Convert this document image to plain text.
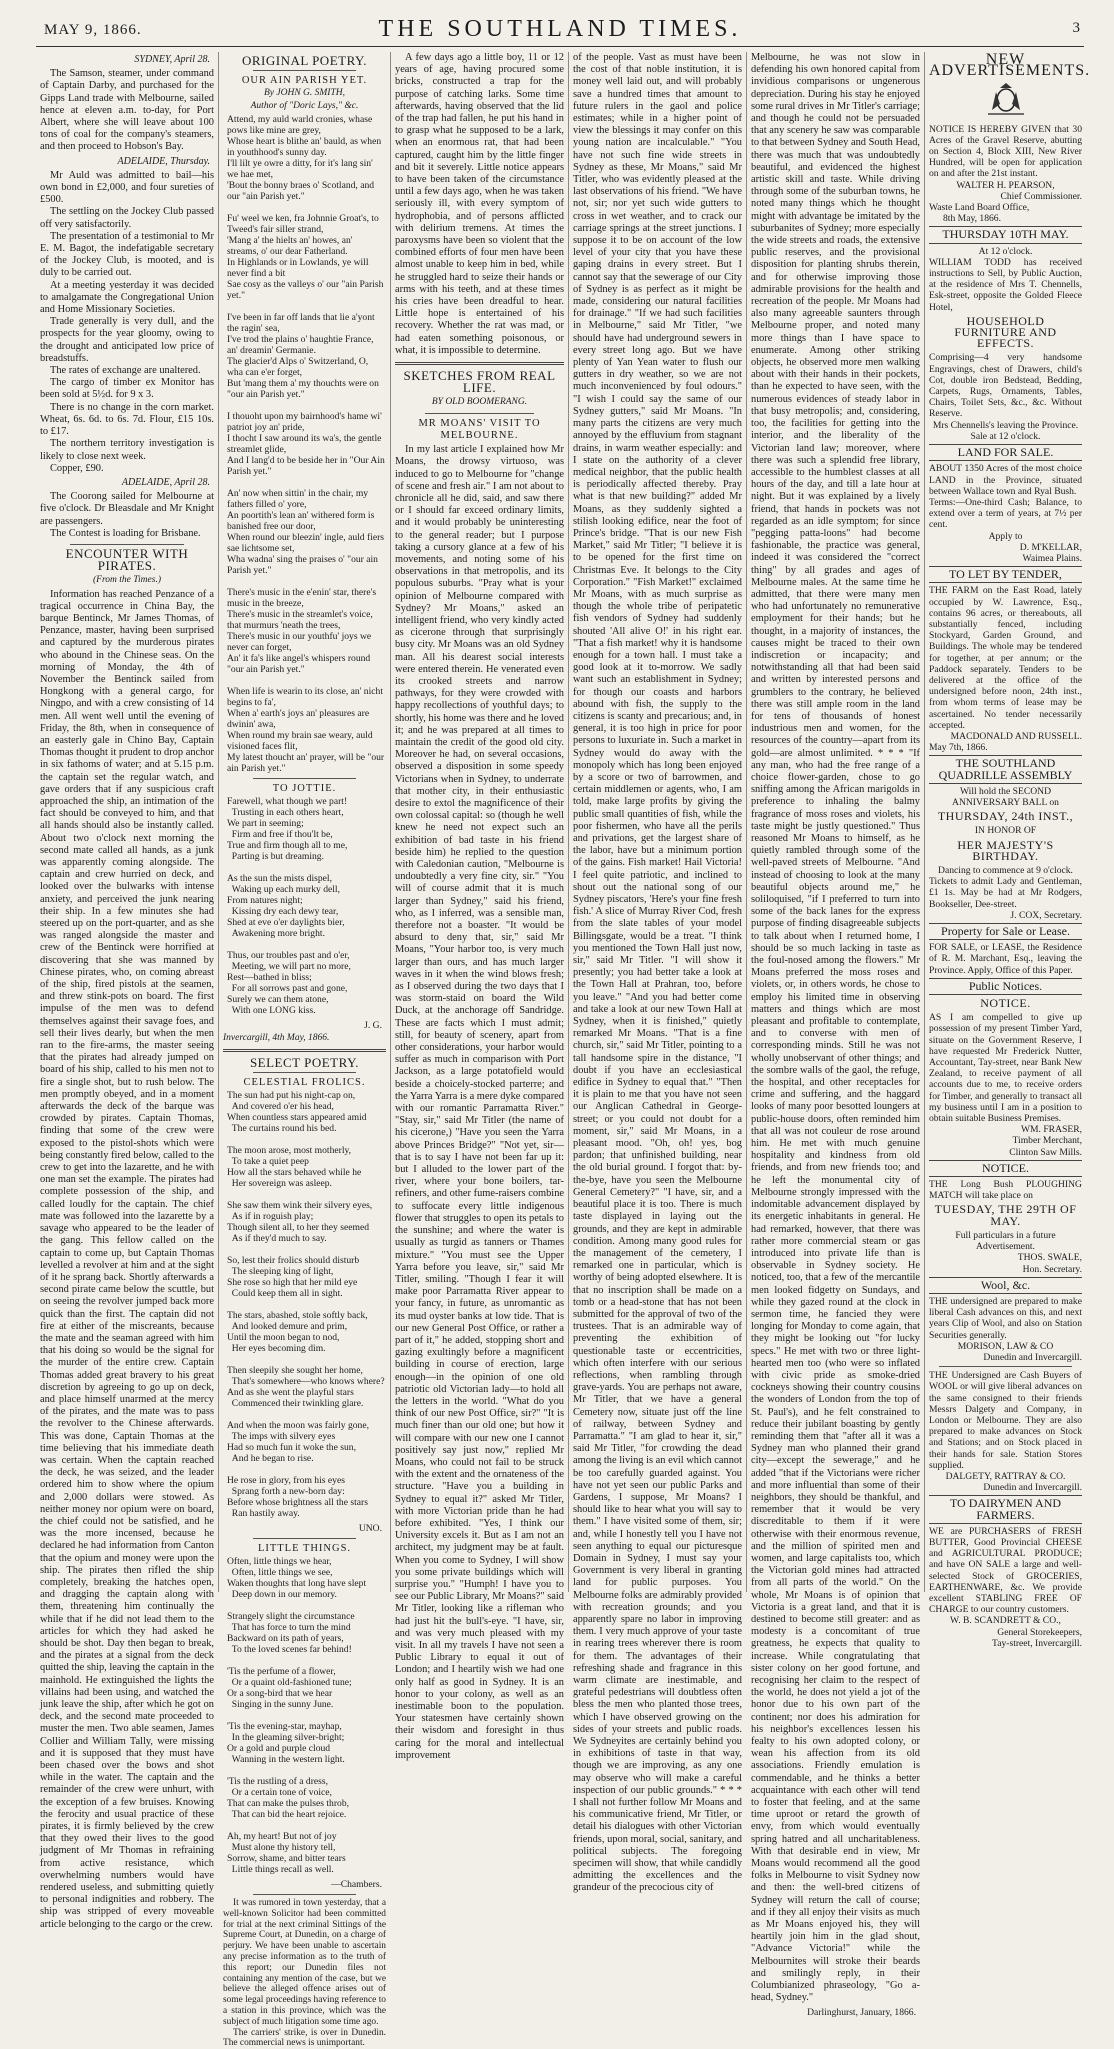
MAY 9, 1866.	THE SOUTHLAND TIMES.	3
SYDNEY, April 28.

The Samson, steamer, under command of Captain Darby, and purchased for the Gipps Land trade with Melbourne, sailed hence at eleven a.m. to-day, for Port Albert, where she will leave about 100 tons of coal for the company's steamers, and then proceed to Hobson's Bay.

ADELAIDE, Thursday.

Mr Auld was admitted to bail—his own bond in £2,000, and four sureties of £500.

The settling on the Jockey Club passed off very satisfactorily.

The presentation of a testimonial to Mr E. M. Bagot, the indefatigable secretary of the Jockey Club, is mooted, and is duly to be carried out.

At a meeting yesterday it was decided to amalgamate the Congregational Union and Home Missionary Societies.

Trade generally is very dull, and the prospects for the year gloomy, owing to the drought and anticipated low price of breadstuffs.

The rates of exchange are unaltered.

The cargo of timber ex Monitor has been sold at 5½d. for 9 x 3.

There is no change in the corn market. Wheat, 6s. 6d. to 6s. 7d. Flour, £15 10s. to £17.

The northern territory investigation is likely to close next week.

Copper, £90.

ADELAIDE, April 28.

The Coorong sailed for Melbourne at five o'clock. Dr Bleasdale and Mr Knight are passengers.

The Contest is loading for Brisbane.

ENCOUNTER WITH PIRATES.
(From the Times.)

Information has reached Penzance of a tragical occurrence in China Bay, the barque Bentinck, Mr James Thomas, of Penzance, master, having been surprised and captured by the murderous pirates who abound in the Chinese seas. On the morning of Monday, the 4th of November the Bentinck sailed from Hongkong with a general cargo, for Ningpo, and with a crew consisting of 14 men. All went well until the evening of Friday, the 8th, when in consequence of an easterly gale in Chino Bay, Captain Thomas thought it prudent to drop anchor in six fathoms of water; and at 5.15 p.m. the captain set the regular watch, and gave orders that if any suspicious craft approached the ship, an intimation of the fact should be conveyed to him, and that all hands should also be instantly called. About two o'clock next morning the second mate called all hands, as a junk was apparently coming alongside. The captain and crew hurried on deck, and looked over the bulwarks with intense anxiety, and perceived the junk nearing their ship. In a few minutes she had steered up on the port-quarter, and as she was ranged alongside the master and crew of the Bentinck were horrified at discovering that she was manned by Chinese pirates, who, on coming abreast of the ship, fired pistols at the seamen, and threw stink-pots on board. The first impulse of the men was to defend themselves against their savage foes, and sell their lives dearly, but when the men ran to the fire-arms, the master seeing that the pirates had already jumped on board of his ship, called to his men not to fire a single shot, but to rush below. The men promptly obeyed, and in a moment afterwards the deck of the barque was crowded by pirates. Captain Thomas, finding that some of the crew were exposed to the pistol-shots which were being constantly fired below, called to the crew to get into the lazarette, and he with one man set the example. The pirates had complete possession of the ship, and called loudly for the captain. The chief mate was followed into the lazarette by a savage who appeared to be the leader of the gang. This fellow called on the captain to come up, but Captain Thomas levelled a revolver at him and at the sight of it he sprang back. Shortly afterwards a second pirate came below the scuttle, but on seeing the revolver jumped back more quick than the first. The captain did not fire at either of the miscreants, because the mate and the seaman agreed with him that his doing so would be the signal for the murder of the entire crew. Captain Thomas added great bravery to his great discretion by agreeing to go up on deck, and place himself unarmed at the mercy of the pirates, and the mate was to pass the revolver to the Chinese afterwards. This was done, Captain Thomas at the time believing that his immediate death was certain. When the captain reached the deck, he was seized, and the leader ordered him to show where the opium and 2,000 dollars were stowed. As neither money nor opium were on board, the chief could not be satisfied, and he was the more incensed, because he declared he had information from Canton that the opium and money were upon the ship. The pirates then rifled the ship completely, breaking the hatches open, and dragging the captain along with them, threatening him continually the while that if he did not lead them to the articles for which they had asked he should be shot. Day then began to break, and the pirates at a signal from the deck quitted the ship, leaving the captain in the mainhold. He extinguished the lights the villains had been using, and watched the junk leave the ship, after which he got on deck, and the second mate proceeded to muster the men. Two able seamen, James Collier and William Tally, were missing and it is supposed that they must have been chased over the bows and shot while in the water. The captain and the remainder of the crew were unhurt, with the exception of a few bruises. Knowing the ferocity and usual practice of these pirates, it is firmly believed by the crew that they owed their lives to the good judgment of Mr Thomas in refraining from active resistance, which overwhelming numbers would have rendered useless, and submitting quietly to personal indignities and robbery. The ship was stripped of every moveable article belonging to the cargo or the crew.

ORIGINAL POETRY.
OUR AIN PARISH YET.
By JOHN G. SMITH,
Author of "Doric Lays," &c.
Attend, my auld warld cronies, whase pows like mine are grey,
Whose heart is blithe an' bauld, as when in youthhood's sunny day.
I'll lilt ye owre a ditty, for it's lang sin' we hae met,
'Bout the bonny braes o' Scotland, and our "ain Parish yet."

Fu' weel we ken, fra Johnnie Groat's, to Tweed's fair siller strand,
'Mang a' the hielts an' howes, an' streams, o' our dear Fatherland.
In Highlands or in Lowlands, ye will never find a bit
Sae cosy as the valleys o' our "ain Parish yet."

I've been in far off lands that lie a'yont the ragin' sea,
I've trod the plains o' haughtie France, an' dreamin' Germanie.
The glacier'd Alps o' Switzerland, O, wha can e'er forget,
But 'mang them a' my thouchts were on "our ain Parish yet."

I thouoht upon my bairnhood's hame wi' patriot joy an' pride,
I thocht I saw around its wa's, the gentle streamlet glide,
And I lang'd to be beside her in "Our Ain Parish yet."

An' now when sittin' in the chair, my fathers filled o' yore,
An poortith's lean an' withered form is banished free our door,
When round our bleezin' ingle, auld fiers sae lichtsome set,
Wha wadna' sing the praises o' "our ain Parish yet."

There's music in the e'enin' star, there's music in the breeze,
There's music in the streamlet's voice, that murmurs 'neath the trees,
There's music in our youthfu' joys we never can forget,
An' it fa's like angel's whispers round "our ain Parish yet."

When life is wearin to its close, an' nicht begins to fa',
When a' earth's joys an' pleasures are dwinin' awa,
When round my brain sae weary, auld visioned faces flit,
My latest thoucht an' prayer, will be "our ain Parish yet."
TO JOTTIE.
Farewell, what though we part!
Trusting in each others heart,
We part in seeming;
Firm and free if thou'lt be,
True and firm though all to me,
Parting is but dreaming.

As the sun the mists dispel,
Waking up each murky dell,
From natures night;
Kissing dry each dewy tear,
Shed at eve o'er daylights bier,
Awakening more bright.

Thus, our troubles past and o'er,
Meeting, we will part no more,
Rest—bathed in bliss;
For all sorrows past and gone,
Surely we can them atone,
With one LONG kiss.
J. G.
Invercargill, 4th May, 1866.
SELECT POETRY.
CELESTIAL FROLICS.
The sun had put his night-cap on,
And covered o'er his head,
When countless stars appeared amid
The curtains round his bed.

The moon arose, most motherly,
To take a quiet peep
How all the stars behaved while he
Her sovereign was asleep.

She saw them wink their silvery eyes,
As if in roguish play;
Though silent all, to her they seemed
As if they'd much to say.

So, lest their frolics should disturb
The sleeping king of light,
She rose so high that her mild eye
Could keep them all in sight.

The stars, abashed, stole softly back,
And looked demure and prim,
Until the moon began to nod,
Her eyes becoming dim.

Then sleepily she sought her home,
That's somewhere—who knows where?
And as she went the playful stars
Commenced their twinkling glare.

And when the moon was fairly gone,
The imps with silvery eyes
Had so much fun it woke the sun,
And he began to rise.

He rose in glory, from his eyes
Sprang forth a new-born day:
Before whose brightness all the stars
Ran hastily away.
UNO.
LITTLE THINGS.
Often, little things we hear,
Often, little things we see,
Waken thoughts that long have slept
Deep down in our memory.

Strangely slight the circumstance
That has force to turn the mind
Backward on its path of years,
To the loved scenes far behind!

'Tis the perfume of a flower,
Or a quaint old-fashioned tune;
Or a song-bird that we hear
Singing in the sunny June.

'Tis the evening-star, mayhap,
In the gleaming silver-bright;
Or a gold and purple cloud
Wanning in the western light.

'Tis the rustling of a dress,
Or a certain tone of voice,
That can make the pulses throb,
That can bid the heart rejoice.

Ah, my heart! But not of joy
Must alone thy history tell,
Sorrow, shame, and bitter tears
Little things recall as well.
—Chambers.

It was rumored in town yesterday, that a well-known Solicitor had been committed for trial at the next criminal Sittings of the Supreme Court, at Dunedin, on a charge of perjury. We have been unable to ascertain any precise information as to the truth of this report; our Dunedin files not containing any mention of the case, but we believe the alleged offence arises out of some legal proceedings having reference to a station in this province, which was the subject of much litigation some time ago.

The carriers' strike, is over in Dunedin. The commercial news is unimportant.

A few days ago a little boy, 11 or 12 years of age, having procured some bricks, constructed a trap for the purpose of catching larks. Some time afterwards, having observed that the lid of the trap had fallen, he put his hand in to grasp what he supposed to be a lark, when an enormous rat, that had been captured, caught him by the little finger and bit it severely. Little notice appears to have been taken of the circumstance until a few days ago, when he was taken seriously ill, with every symptom of hydrophobia, and of persons afflicted with delirium tremens. At times the paroxysms have been so violent that the combined efforts of four men have been almost unable to keep him in bed, while he struggled hard to seize their hands or arms with his teeth, and at these times his cries have been dreadful to hear. Little hope is entertained of his recovery. Whether the rat was mad, or had eaten something poisonous, or what, it is impossible to determine.

SKETCHES FROM REAL LIFE.
BY OLD BOOMERANG.
MR MOANS' VISIT TO MELBOURNE.

In my last article I explained how Mr Moans, the drowsy virtuoso, was induced to go to Melbourne for "change of scene and fresh air." I am not about to chronicle all he did, said, and saw there or I should far exceed ordinary limits, and it would probably be uninteresting to the general reader; but I purpose taking a cursory glance at a few of his movements, and noting some of his observations in that metropolis, and its populous suburbs. "Pray what is your opinion of Melbourne compared with Sydney? Mr Moans," asked an intelligent friend, who very kindly acted as cicerone through that surprisingly busy city. Mr Moans was an old Sydney man. All his dearest social interests were entered therein. He venerated even its crooked streets and narrow pathways, for they were crowded with happy recollections of youthful days; to shortly, his home was there and he loved it; and he was prepared at all times to maintain the credit of the good old city. Moreover he had, on several occasions, observed a disposition in some speedy Victorians when in Sydney, to underrate that mother city, in their enthusiastic desire to extol the magnificence of their own colossal capital: so (though he well knew he need not expect such an exhibition of bad taste in his friend beside him) he replied to the question with Caledonian caution, "Melbourne is undoubtedly a very fine city, sir." "You will of course admit that it is much larger than Sydney," said his friend, who, as I inferred, was a sensible man, therefore not a boaster. "It would be absurd to deny that, sir," said Mr Moans, "Your harbor too, is very much larger than ours, and has much larger waves in it when the wind blows fresh; as I observed during the two days that I was storm-staid on board the Wild Duck, at the anchorage off Sandridge. These are facts which I must admit; still, for beauty of scenery, apart from other considerations, your harbor would suffer as much in comparison with Port Jackson, as a large potatofield would beside a choicely-stocked parterre; and the Yarra Yarra is a mere dyke compared with our romantic Parramatta River." "Stay, sir," said Mr Titler (the name of his cicerone,) "Have you seen the Yarra above Princes Bridge?" "Not yet, sir—that is to say I have not been far up it: but I alluded to the lower part of the river, where your bone boilers, tar-refiners, and other fume-raisers combine to suffocate every little indigenous flower that struggles to open its petals to the sunshine; and where the water is usually as turgid as tanners or Thames mixture." "You must see the Upper Yarra before you leave, sir," said Mr Titler, smiling. "Though I fear it will make poor Parramatta River appear to your fancy, in future, as unromantic as its mud oyster banks at low tide. That is our new General Post Office, or rather a part of it," he added, stopping short and gazing exultingly before a magnificent building in course of erection, large enough—in the opinion of one old patriotic old Victorian lady—to hold all the letters in the world. "What do you think of our new Post Office, sir?" "It is much finer than our old one; but how it will compare with our new one I cannot positively say just now," replied Mr Moans, who could not fail to be struck with the extent and the ornateness of the structure. "Have you a building in Sydney to equal it?" asked Mr Titler, with more Victorian pride than he had before exhibited. "Yes, I think our University excels it. But as I am not an architect, my judgment may be at fault. When you come to Sydney, I will show you some private buildings which will surprise you." "Humph! I have you to see our Public Library, Mr Moans?" said Mr Titler, looking like a rifleman who had just hit the bull's-eye. "I have, sir, and was very much pleased with my visit. In all my travels I have not seen a Public Library to equal it out of London; and I heartily wish we had one only half as good in Sydney. It is an honor to your colony, as well as an inestimable boon to the population. Your statesmen have certainly shown their wisdom and foresight in thus caring for the moral and intellectual improvement

of the people. Vast as must have been the cost of that noble institution, it is money well laid out, and will probably save a hundred times that amount to future rulers in the gaol and police estimates; while in a higher point of view the blessings it may confer on this young nation are incalculable." "You have not such fine wide streets in Sydney as these, Mr Moans," said Mr Titler, who was evidently pleased at the last observations of his friend. "We have not, sir; nor yet such wide gutters to cross in wet weather, and to crack our carriage springs at the street junctions. I suppose it to be on account of the low level of your city that you have these gaping drains in every street. But I cannot say that the sewerage of our City of Sydney is as perfect as it might be made, considering our natural facilities for drainage." "If we had such facilities in Melbourne," said Mr Titler, "we should have had underground sewers in every street long ago. But we have plenty of Yan Yean water to flush our gutters in dry weather, so we are not much inconvenienced by foul odours." "I wish I could say the same of our Sydney gutters," said Mr Moans. "In many parts the citizens are very much annoyed by the effluvium from stagnant drains, in warm weather especially: and I state on the authority of a clever medical neighbor, that the public health is periodically affected thereby. Pray what is that new building?" added Mr Moans, as they suddenly sighted a stilish looking edifice, near the foot of Prince's bridge. "That is our new Fish Market," said Mr Titler; "I believe it is to be opened for the first time on Christmas Eve. It belongs to the City Corporation." "Fish Market!" exclaimed Mr Moans, with as much surprise as though the whole tribe of peripatetic fish vendors of Sydney had suddenly shouted 'All alive O!' in his right ear. "That a fish market! why it is handsome enough for a town hall. I must take a good look at it to-morrow. We sadly want such an establishment in Sydney; for though our coasts and harbors abound with fish, the supply to the citizens is scanty and precarious; and, in general, it is too high in price for poor persons to luxuriate in. Such a market in Sydney would do away with the monopoly which has long been enjoyed by a score or two of barrowmen, and certain middlemen or agents, who, I am told, make large profits by giving the public small quantities of fish, while the poor fishermen, who have all the perils and privations, get the largest share of the labor, have but a minimum portion of the gains. Fish market! Hail Victoria! I feel quite patriotic, and inclined to shout out the national song of our Sydney piscators, 'Here's your fine fresh fish.' A slice of Murray River Cod, fresh from the slate tables of your model Billingsgate, would be a treat. "I think you mentioned the Town Hall just now, sir," said Mr Titler. "I will show it presently; you had better take a look at the Town Hall at Prahran, too, before you leave." "And you had better come and take a look at our new Town Hall at Sydney, when it is finished," quietly remarked Mr Moans. "That is a fine church, sir," said Mr Titler, pointing to a tall handsome spire in the distance, "I doubt if you have an ecclesiastical edifice in Sydney to equal that." "Then it is plain to me that you have not seen our Anglican Cathedral in George-street; or you could not doubt for a moment, sir," said Mr Moans, in a pleasant mood. "Oh, oh! yes, bog pardon; that unfinished building, near the old burial ground. I forgot that: by-the-bye, have you seen the Melbourne General Cemetery?" "I have, sir, and a beautiful place it is too. There is much taste displayed in laying out the grounds, and they are kept in admirable condition. Among many good rules for the management of the cemetery, I remarked one in particular, which is worthy of being adopted elsewhere. It is that no inscription shall be made on a tomb or a head-stone that has not been submitted for the approval of two of the trustees. That is an admirable way of preventing the exhibition of questionable taste or eccentricities, which often interfere with our serious reflections, when rambling through grave-yards. You are perhaps not aware, Mr Titler, that we have a general Cemetery now, situate just off the line of railway, between Sydney and Parramatta." "I am glad to hear it, sir," said Mr Titler, "for crowding the dead among the living is an evil which cannot be too carefully guarded against. You have not yet seen our public Parks and Gardens, I suppose, Mr Moans? I should like to hear what you will say to them." I have visited some of them, sir; and, while I honestly tell you I have not seen anything to equal our picturesque Domain in Sydney, I must say your Government is very liberal in granting land for public purposes. You Melbourne folks are admirably provided with recreation grounds; and you apparently spare no labor in improving them. I very much approve of your taste in rearing trees wherever there is room for them. The advantages of their refreshing shade and fragrance in this warm climate are inestimable, and grateful pedestrians will doubtless often bless the men who planted those trees, which I have observed growing on the sides of your streets and public roads. We Sydneyites are certainly behind you in exhibitions of taste in that way, though we are improving, as any one may observe who will make a careful inspection of our public grounds." * * * I shall not further follow Mr Moans and his communicative friend, Mr Titler, or detail his dialogues with other Victorian friends, upon moral, social, sanitary, and political subjects. The foregoing specimen will show, that while candidly admitting the excellences and the grandeur of the precocious city of

Melbourne, he was not slow in defending his own honored capital from invidious comparisons or ungenerous depreciation. During his stay he enjoyed some rural drives in Mr Titler's carriage; and though he could not be persuaded that any scenery he saw was comparable to that between Sydney and South Head, there was much that was undoubtedly beautiful, and evidenced the highest artistic skill and taste. While driving through some of the suburban towns, he noted many things which he thought might with advantage be imitated by the suburbanites of Sydney; more especially the wide streets and roads, the extensive public reserves, and the provisional disposition for planting shrubs therein, and for otherwise improving those admirable provisions for the health and recreation of the people. Mr Moans had also many agreeable saunters through Melbourne proper, and noted many more things than I have space to enumerate. Among other striking objects, he observed more men walking about with their hands in their pockets, than he expected to have seen, with the numerous evidences of steady labor in that busy metropolis; and, considering, too, the facilities for getting into the interior, and the liberality of the Victorian land law; moreover, where there was such a splendid free library, accessible to the humblest classes at all hours of the day, and till a late hour at night. But it was explained by a lively friend, that hands in pockets was not regarded as an idle symptom; for since "pegging patta-loons" had become fashionable, the practice was general, indeed it was considered the "correct thing" by all grades and ages of Melbourne males. At the same time he admitted, that there were many men who had unfortunately no remunerative employment for their hands; but he thought, in a majority of instances, the causes might be traced to their own indiscretion or incapacity; and notwithstanding all that had been said and written by interested persons and grumblers to the contrary, he believed there was still ample room in the land for tens of thousands of honest industrious men and women, for the resources of the country—apart from its gold—are almost unlimited. * * * "If any man, who had the free range of a choice flower-garden, chose to go sniffing among the African marigolds in preference to inhaling the balmy fragrance of moss roses and violets, his taste might be justly questioned." Thus reasoned Mr Moans to himself, as he quietly rambled through some of the well-paved streets of Melbourne. "And instead of choosing to look at the many beautiful objects around me," he soliloquised, "if I preferred to turn into some of the back lanes for the express purpose of finding disagreeable subjects to talk about when I returned home, I should be so much lacking in taste as the foul-nosed among the flowers." Mr Moans preferred the moss roses and violets, or, in others words, he chose to employ his limited time in observing matters and things which are most pleasant and profitable to contemplate, and to converse with men of corresponding minds. Still he was not wholly unobservant of other things; and the sombre walls of the gaol, the refuge, the hospital, and other receptacles for crime and suffering, and the haggard looks of many poor besotted loungers at public-house doors, often reminded him that all was not couleur de rose around him. He met with much genuine hospitality and kindness from old friends, and from new friends too; and he left the monumental city of Melbourne strongly impressed with the indomitable advancement displayed by its energetic inhabitants in general. He had remarked, however, that there was rather more commercial steam or gas introduced into private life than is observable in Sydney society. He noticed, too, that a few of the mercantile men looked fidgetty on Sundays, and while they gazed round at the clock in sermon time, he fancied they were longing for Monday to come again, that they might be looking out "for lucky specs." He met with two or three light-hearted men too (who were so inflated with civic pride as smoke-dried cockneys showing their country cousins the wonders of London from the top of St. Paul's), and he felt constrained to reduce their jubilant boasting by gently reminding them that "after all it was a Sydney man who planned their grand city—except the sewerage," and he added "that if the Victorians were richer and more influential than some of their neighbors, they should be thankful, and remember that it would be very discreditable to them if it were otherwise with their enormous revenue, and the million of spirited men and women, and large capitalists too, which the Victorian gold mines had attracted from all parts of the world." On the whole, Mr Moans is of opinion that Victoria is a great land, and that it is destined to become still greater: and as modesty is a concomitant of true greatness, he expects that quality to increase. While congratulating that sister colony on her good fortune, and recognising her claim to the respect of the world, he does not yield a jot of the honor due to his own part of the continent; nor does his admiration for his neighbor's excellences lessen his fealty to his own adopted colony, or wean his affection from its old associations. Friendly emulation is commendable, and he thinks a better acquaintance with each other will tend to foster that feeling, and at the same time uproot or retard the growth of envy, from which would eventually spring hatred and all uncharitableness. With that desirable end in view, Mr Moans would recommend all the good folks in Melbourne to visit Sydney now and then: the well-bred citizens of Sydney will return the call of course; and if they all enjoy their visits as much as Mr Moans enjoyed his, they will heartily join him in the glad shout, "Advance Victoria!" while the Melbournites will stroke their beards and smilingly reply, in their Columbianized phraseology, "Go a-head, Sydney."

Darlinghurst, January, 1866.
NEW ADVERTISEMENTS.
NOTICE IS HEREBY GIVEN that 30 Acres of the Gravel Reserve, abutting on Section 4, Block XIII, New River Hundred, will be open for application on and after the 21st instant.
WALTER H. PEARSON,
Chief Commissioner.
Waste Land Board Office,
8th May, 1866.
THURSDAY 10TH MAY.
At 12 o'clock.
WILLIAM TODD has received instructions to Sell, by Public Auction, at the residence of Mrs T. Chennells, Esk-street, opposite the Golded Fleece Hotel,
HOUSEHOLD FURNITURE AND EFFECTS.
Comprising—4 very handsome Engravings, chest of Drawers, child's Cot, double iron Bedstead, Bedding, Carpets, Rugs, Ornaments, Tables, Chairs, Toilet Sets, &c., &c. Without Reserve.
Mrs Chennells's leaving the Province.
Sale at 12 o'clock.
LAND FOR SALE.
ABOUT 1350 Acres of the most choice LAND in the Province, situated between Wallace town and Ryal Bush.
Terms:—One-third Cash; Balance, to extend over a term of years, at 7½ per cent.
Apply to
D. M'KELLAR,
Waimea Plains.
TO LET BY TENDER,
THE FARM on the East Road, lately occupied by W. Lawrence, Esq., contains 96 acres, or thereabouts, all substantially fenced, including Stockyard, Garden Ground, and Buildings. The whole may be tendered for together, at per annum; or the Paddock separately. Tenders to be delivered at the office of the undersigned before noon, 24th inst., from whom terms of lease may be ascertained. No tender necessarily accepted.
MACDONALD AND RUSSELL.
May 7th, 1866.
THE SOUTHLAND QUADRILLE ASSEMBLY
Will hold the SECOND ANNIVERSARY BALL on
THURSDAY, 24th INST.,
IN HONOR OF
HER MAJESTY'S BIRTHDAY.
Dancing to commence at 9 o'clock.
Tickets to admit Lady and Gentleman, £1 1s. May be had at Mr Rodgers, Bookseller, Dee-street.
J. COX, Secretary.
Property for Sale or Lease.
FOR SALE, or LEASE, the Residence of R. M. Marchant, Esq., leaving the Province. Apply, Office of this Paper.
Public Notices.
NOTICE.
AS I am compelled to give up possession of my present Timber Yard, situate on the Government Reserve, I have requested Mr Frederick Nutter, Accountant, Tay-street, near Bank New Zealand, to receive payment of all accounts due to me, to receive orders for Timber, and generally to transact all my business until I am in a position to obtain suitable Business Premises.
WM. FRASER,
Timber Merchant,
Clinton Saw Mills.
NOTICE.
THE Long Bush PLOUGHING MATCH will take place on
TUESDAY, THE 29TH OF MAY.
Full particulars in a future Advertisement.
THOS. SWALE,
Hon. Secretary.
Wool, &c.
THE undersigned are prepared to make liberal Cash advances on this, and next years Clip of Wool, and also on Station Securities generally.
MORISON, LAW & CO
Dunedin and Invercargill.
THE Undersigned are Cash Buyers of WOOL or will give liberal advances on the same consigned to their friends Messrs Dalgety and Company, in London or Melbourne. They are also prepared to make advances on Stock and Stations; and on Stock placed in their hands for sale. Station Stores supplied.
DALGETY, RATTRAY & CO.
Dunedin and Invercargill.
TO DAIRYMEN AND FARMERS.
WE are PURCHASERS of FRESH BUTTER, Good Provincial CHEESE and AGRICULTURAL PRODUCE; and have ON SALE a large and well-selected Stock of GROCERIES, EARTHENWARE, &c. We provide excellent STABLING FREE OF CHARGE to our country customers.
W. B. SCANDRETT & CO.,
General Storekeepers,
Tay-street, Invercargill.
